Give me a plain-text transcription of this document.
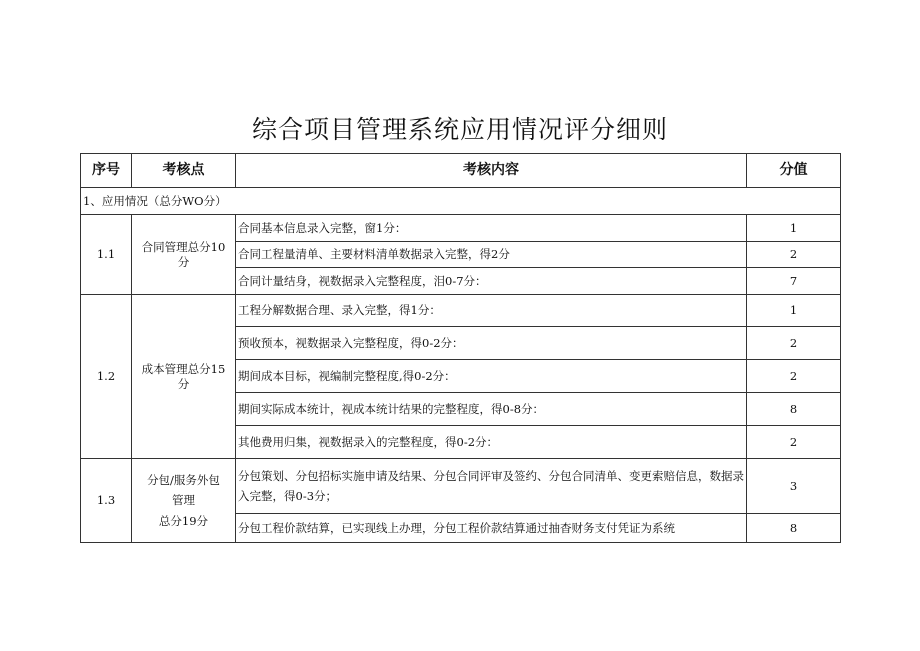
综合项目管理系统应用情况评分细则
序号	考核点	考核内容	分值
1、应用情况（总分WO分）			
1.1	合同管理总分10分	合同基本信息录入完整，窗1分：	1
		合同工程量清单、主要材料清单数据录入完整，得2分	2
		合同计量结身，视数据录入完整程度，泪0-7分：	7
1.2	成本管理总分15分	工程分解数据合理、录入完整，得1分：	1
		预收预本，视数据录入完整程度，得0-2分：	2
		期间成本目标，视编制完整程度,得0-2分：	2
		期间实际成本统计，视成本统计结果的完整程度，得0-8分：	8
		其他费用归集，视数据录入的完整程度，得0-2分：	2
1.3	分包/服务外包
管理
总分19分	分包策划、分包招标实施申请及结果、分包合同评审及签约、分包合同清单、变更索赔信息，数据录入完整，得0-3分；	3
		分包工程价款结算，已实现线上办理，分包工程价款结算通过抽杳财务支付凭证为系统	8
